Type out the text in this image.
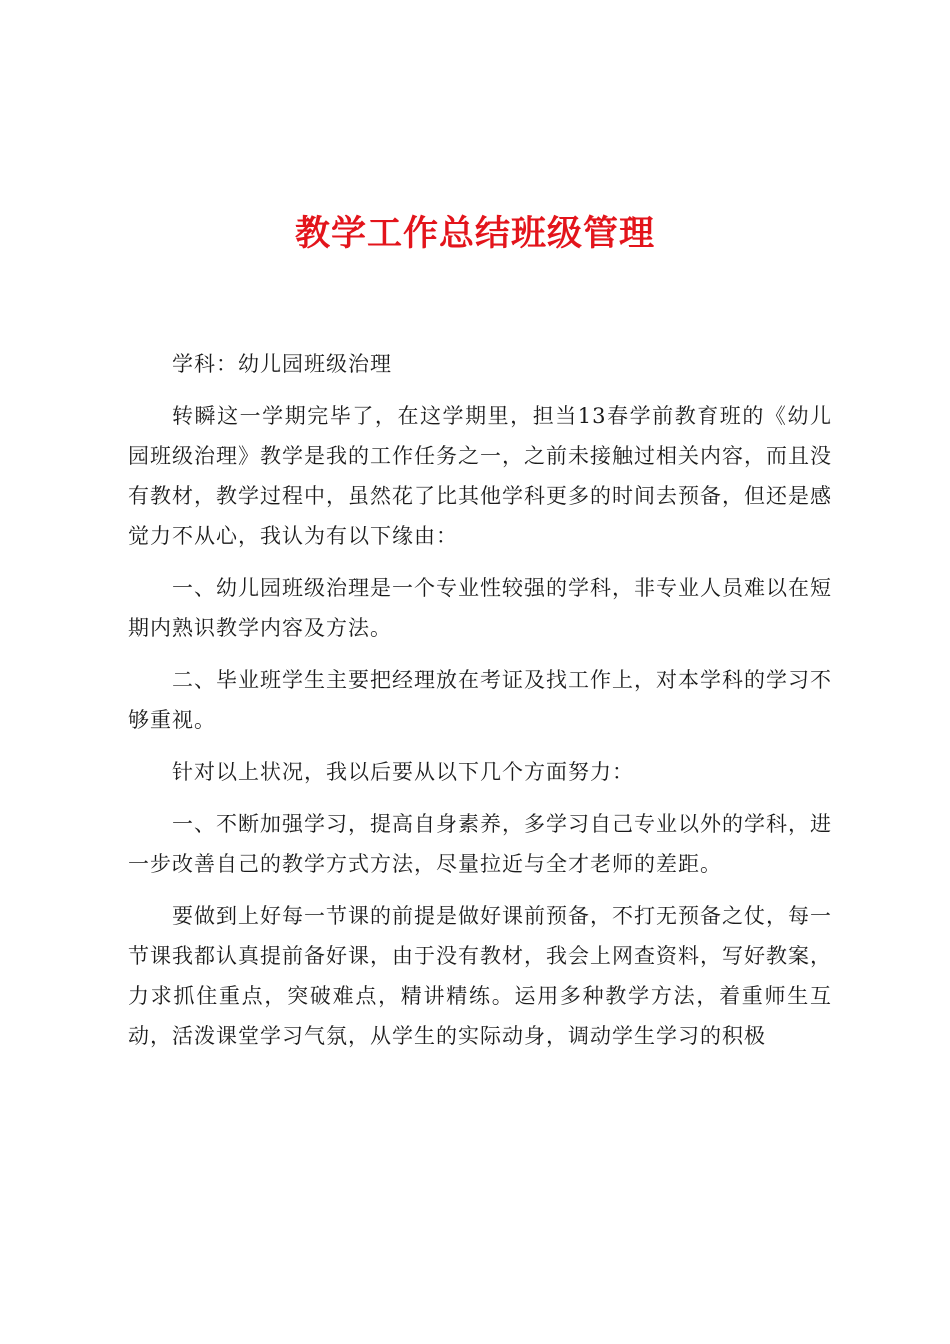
教学工作总结班级管理

学科：幼儿园班级治理

转瞬这一学期完毕了，在这学期里，担当13春学前教育班的《幼儿园班级治理》教学是我的工作任务之一，之前未接触过相关内容，而且没有教材，教学过程中，虽然花了比其他学科更多的时间去预备，但还是感觉力不从心，我认为有以下缘由：

一、幼儿园班级治理是一个专业性较强的学科，非专业人员难以在短期内熟识教学内容及方法。

二、毕业班学生主要把经理放在考证及找工作上，对本学科的学习不够重视。

针对以上状况，我以后要从以下几个方面努力：

一、不断加强学习，提高自身素养，多学习自己专业以外的学科，进一步改善自己的教学方式方法，尽量拉近与全才老师的差距。

要做到上好每一节课的前提是做好课前预备，不打无预备之仗，每一节课我都认真提前备好课，由于没有教材，我会上网查资料，写好教案，力求抓住重点，突破难点，精讲精练。运用多种教学方法，着重师生互动，活泼课堂学习气氛，从学生的实际动身，调动学生学习的积极
